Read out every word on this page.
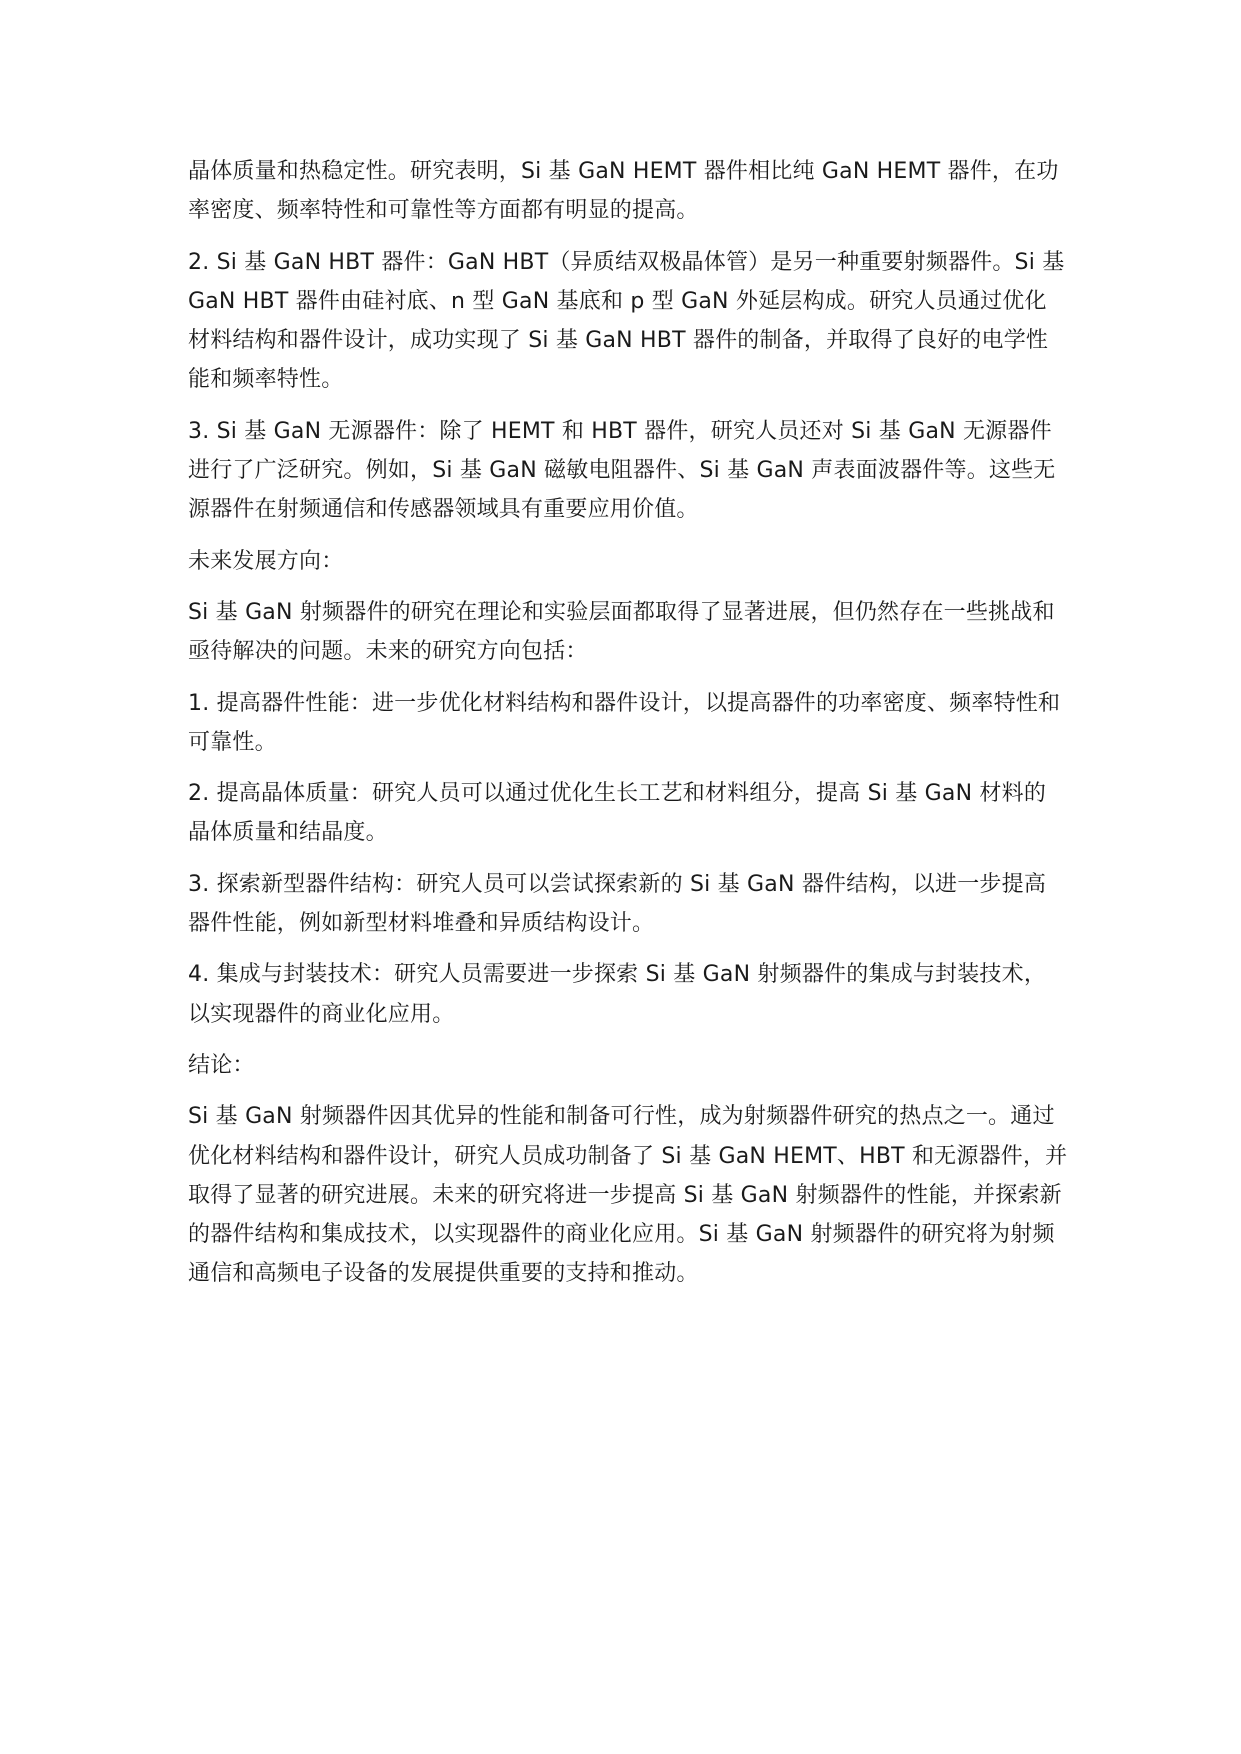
晶体质量和热稳定性。研究表明，Si 基 GaN HEMT 器件相比纯 GaN HEMT 器件，在功率密度、频率特性和可靠性等方面都有明显的提高。

2. Si 基 GaN HBT 器件：GaN HBT（异质结双极晶体管）是另一种重要射频器件。Si 基 GaN HBT 器件由硅衬底、n 型 GaN 基底和 p 型 GaN 外延层构成。研究人员通过优化材料结构和器件设计，成功实现了 Si 基 GaN HBT 器件的制备，并取得了良好的电学性能和频率特性。

3. Si 基 GaN 无源器件：除了 HEMT 和 HBT 器件，研究人员还对 Si 基 GaN 无源器件进行了广泛研究。例如，Si 基 GaN 磁敏电阻器件、Si 基 GaN 声表面波器件等。这些无源器件在射频通信和传感器领域具有重要应用价值。

未来发展方向：

Si 基 GaN 射频器件的研究在理论和实验层面都取得了显著进展，但仍然存在一些挑战和亟待解决的问题。未来的研究方向包括：

1. 提高器件性能：进一步优化材料结构和器件设计，以提高器件的功率密度、频率特性和可靠性。

2. 提高晶体质量：研究人员可以通过优化生长工艺和材料组分，提高 Si 基 GaN 材料的晶体质量和结晶度。

3. 探索新型器件结构：研究人员可以尝试探索新的 Si 基 GaN 器件结构，以进一步提高器件性能，例如新型材料堆叠和异质结构设计。

4. 集成与封装技术：研究人员需要进一步探索 Si 基 GaN 射频器件的集成与封装技术，以实现器件的商业化应用。

结论：

Si 基 GaN 射频器件因其优异的性能和制备可行性，成为射频器件研究的热点之一。通过优化材料结构和器件设计，研究人员成功制备了 Si 基 GaN HEMT、HBT 和无源器件，并取得了显著的研究进展。未来的研究将进一步提高 Si 基 GaN 射频器件的性能，并探索新的器件结构和集成技术，以实现器件的商业化应用。Si 基 GaN 射频器件的研究将为射频通信和高频电子设备的发展提供重要的支持和推动。
